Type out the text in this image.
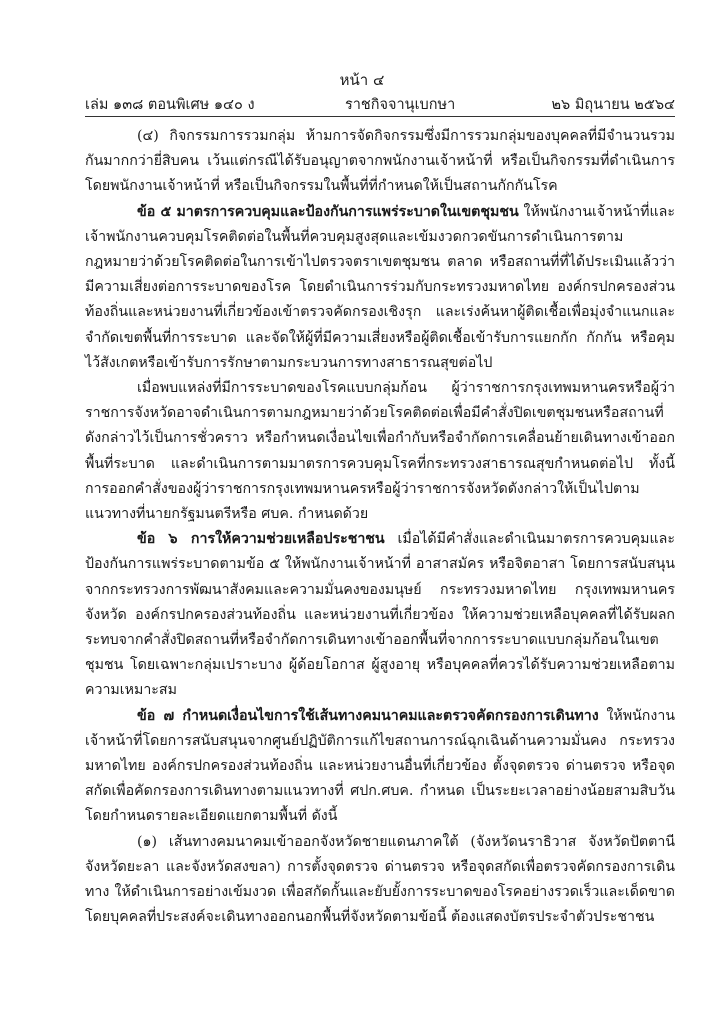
หน้า ๔
เล่ม ๑๓๘ ตอนพิเศษ ๑๔๐ ง	ราชกิจจานุเบกษา	๒๖ มิถุนายน ๒๕๖๔

(๔) กิจกรรมการรวมกลุ่ม ห้ามการจัดกิจกรรมซึ่งมีการรวมกลุ่มของบุคคลที่มีจำนวนรวมกันมากกว่ายี่สิบคน เว้นแต่กรณีได้รับอนุญาตจากพนักงานเจ้าหน้าที่ หรือเป็นกิจกรรมที่ดำเนินการโดยพนักงานเจ้าหน้าที่ หรือเป็นกิจกรรมในพื้นที่ที่กำหนดให้เป็นสถานกักกันโรค

ข้อ ๕ มาตรการควบคุมและป้องกันการแพร่ระบาดในเขตชุมชน ให้พนักงานเจ้าหน้าที่และเจ้าพนักงานควบคุมโรคติดต่อในพื้นที่ควบคุมสูงสุดและเข้มงวดกวดขันการดำเนินการตามกฎหมายว่าด้วยโรคติดต่อในการเข้าไปตรวจตราเขตชุมชน ตลาด หรือสถานที่ที่ได้ประเมินแล้วว่ามีความเสี่ยงต่อการระบาดของโรค โดยดำเนินการร่วมกับกระทรวงมหาดไทย องค์กรปกครองส่วนท้องถิ่นและหน่วยงานที่เกี่ยวข้องเข้าตรวจคัดกรองเชิงรุก และเร่งค้นหาผู้ติดเชื้อเพื่อมุ่งจำแนกและจำกัดเขตพื้นที่การระบาด และจัดให้ผู้ที่มีความเสี่ยงหรือผู้ติดเชื้อเข้ารับการแยกกัก กักกัน หรือคุมไว้สังเกตหรือเข้ารับการรักษาตามกระบวนการทางสาธารณสุขต่อไป

เมื่อพบแหล่งที่มีการระบาดของโรคแบบกลุ่มก้อน ผู้ว่าราชการกรุงเทพมหานครหรือผู้ว่าราชการจังหวัดอาจดำเนินการตามกฎหมายว่าด้วยโรคติดต่อเพื่อมีคำสั่งปิดเขตชุมชนหรือสถานที่ดังกล่าวไว้เป็นการชั่วคราว หรือกำหนดเงื่อนไขเพื่อกำกับหรือจำกัดการเคลื่อนย้ายเดินทางเข้าออกพื้นที่ระบาด และดำเนินการตามมาตรการควบคุมโรคที่กระทรวงสาธารณสุขกำหนดต่อไป ทั้งนี้ การออกคำสั่งของผู้ว่าราชการกรุงเทพมหานครหรือผู้ว่าราชการจังหวัดดังกล่าวให้เป็นไปตามแนวทางที่นายกรัฐมนตรีหรือ ศบค. กำหนดด้วย

ข้อ ๖ การให้ความช่วยเหลือประชาชน เมื่อได้มีคำสั่งและดำเนินมาตรการควบคุมและป้องกันการแพร่ระบาดตามข้อ ๕ ให้พนักงานเจ้าหน้าที่ อาสาสมัคร หรือจิตอาสา โดยการสนับสนุนจากกระทรวงการพัฒนาสังคมและความมั่นคงของมนุษย์ กระทรวงมหาดไทย กรุงเทพมหานคร จังหวัด องค์กรปกครองส่วนท้องถิ่น และหน่วยงานที่เกี่ยวข้อง ให้ความช่วยเหลือบุคคลที่ได้รับผลกระทบจากคำสั่งปิดสถานที่หรือจำกัดการเดินทางเข้าออกพื้นที่จากการระบาดแบบกลุ่มก้อนในเขตชุมชน โดยเฉพาะกลุ่มเปราะบาง ผู้ด้อยโอกาส ผู้สูงอายุ หรือบุคคลที่ควรได้รับความช่วยเหลือตามความเหมาะสม

ข้อ ๗ กำหนดเงื่อนไขการใช้เส้นทางคมนาคมและตรวจคัดกรองการเดินทาง ให้พนักงานเจ้าหน้าที่โดยการสนับสนุนจากศูนย์ปฏิบัติการแก้ไขสถานการณ์ฉุกเฉินด้านความมั่นคง กระทรวงมหาดไทย องค์กรปกครองส่วนท้องถิ่น และหน่วยงานอื่นที่เกี่ยวข้อง ตั้งจุดตรวจ ด่านตรวจ หรือจุดสกัดเพื่อคัดกรองการเดินทางตามแนวทางที่ ศปก.ศบค. กำหนด เป็นระยะเวลาอย่างน้อยสามสิบวันโดยกำหนดรายละเอียดแยกตามพื้นที่ ดังนี้

(๑) เส้นทางคมนาคมเข้าออกจังหวัดชายแดนภาคใต้ (จังหวัดนราธิวาส จังหวัดปัตตานี จังหวัดยะลา และจังหวัดสงขลา) การตั้งจุดตรวจ ด่านตรวจ หรือจุดสกัดเพื่อตรวจคัดกรองการเดินทาง ให้ดำเนินการอย่างเข้มงวด เพื่อสกัดกั้นและยับยั้งการระบาดของโรคอย่างรวดเร็วและเด็ดขาดโดยบุคคลที่ประสงค์จะเดินทางออกนอกพื้นที่จังหวัดตามข้อนี้ ต้องแสดงบัตรประจำตัวประชาชน
